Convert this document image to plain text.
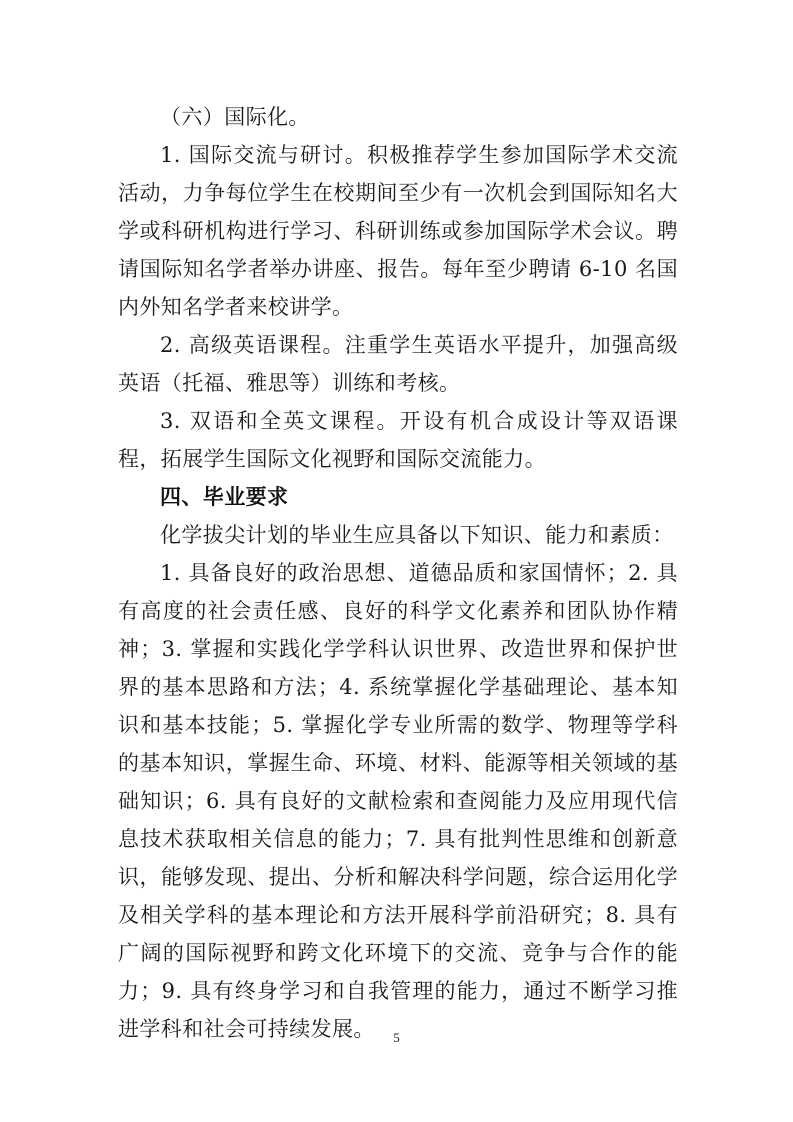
（六）国际化。

1. 国际交流与研讨。积极推荐学生参加国际学术交流活动，力争每位学生在校期间至少有一次机会到国际知名大学或科研机构进行学习、科研训练或参加国际学术会议。聘请国际知名学者举办讲座、报告。每年至少聘请 6-10 名国内外知名学者来校讲学。

2. 高级英语课程。注重学生英语水平提升，加强高级英语（托福、雅思等）训练和考核。

3. 双语和全英文课程。开设有机合成设计等双语课程，拓展学生国际文化视野和国际交流能力。

四、毕业要求

化学拔尖计划的毕业生应具备以下知识、能力和素质：

1. 具备良好的政治思想、道德品质和家国情怀；2. 具有高度的社会责任感、良好的科学文化素养和团队协作精神；3. 掌握和实践化学学科认识世界、改造世界和保护世界的基本思路和方法；4. 系统掌握化学基础理论、基本知识和基本技能；5. 掌握化学专业所需的数学、物理等学科的基本知识，掌握生命、环境、材料、能源等相关领域的基础知识；6. 具有良好的文献检索和查阅能力及应用现代信息技术获取相关信息的能力；7. 具有批判性思维和创新意识，能够发现、提出、分析和解决科学问题，综合运用化学及相关学科的基本理论和方法开展科学前沿研究；8. 具有广阔的国际视野和跨文化环境下的交流、竞争与合作的能力；9. 具有终身学习和自我管理的能力，通过不断学习推进学科和社会可持续发展。	5
